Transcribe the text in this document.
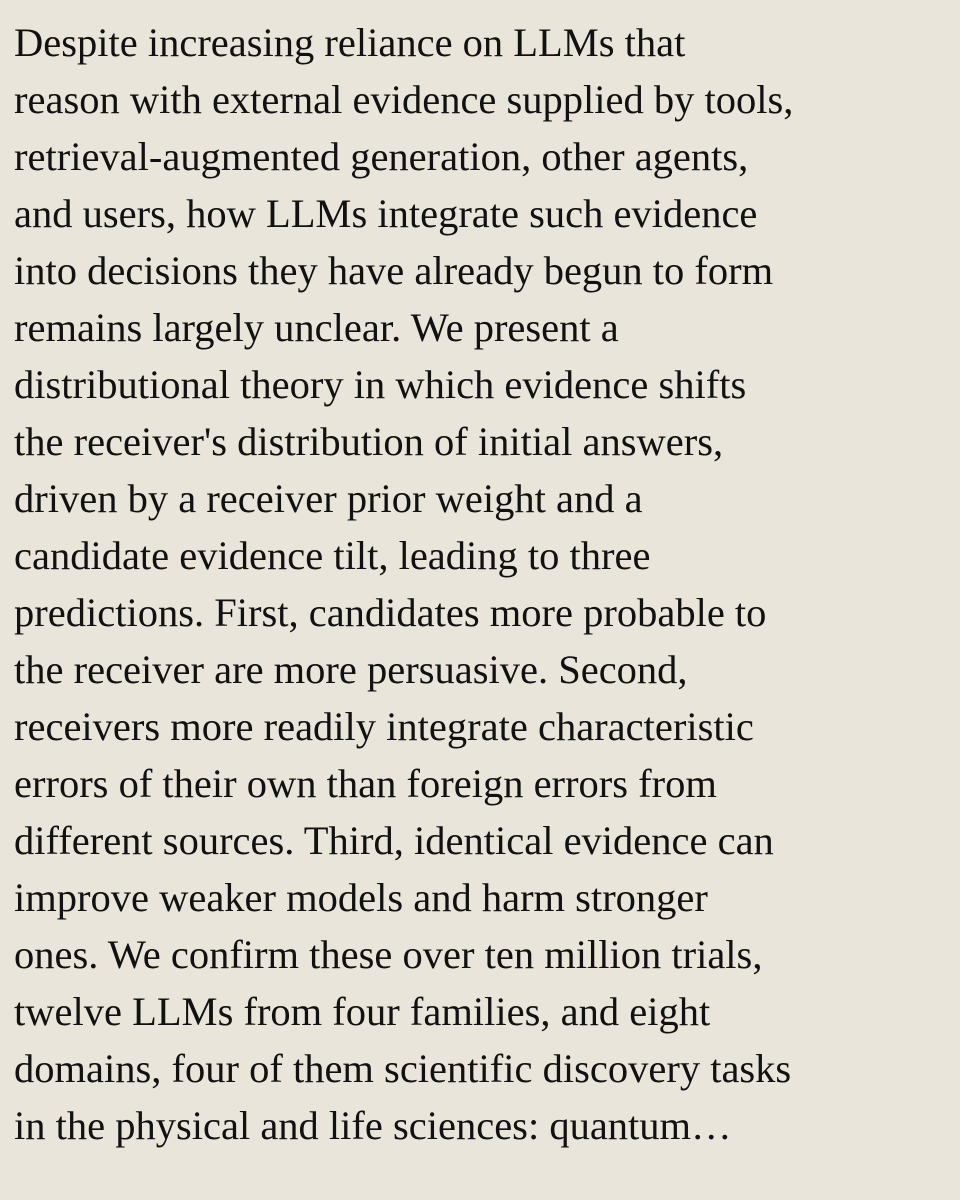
Despite increasing reliance on LLMs that
reason with external evidence supplied by tools,
retrieval-augmented generation, other agents,
and users, how LLMs integrate such evidence
into decisions they have already begun to form
remains largely unclear. We present a
distributional theory in which evidence shifts
the receiver's distribution of initial answers,
driven by a receiver prior weight and a
candidate evidence tilt, leading to three
predictions. First, candidates more probable to
the receiver are more persuasive. Second,
receivers more readily integrate characteristic
errors of their own than foreign errors from
different sources. Third, identical evidence can
improve weaker models and harm stronger
ones. We confirm these over ten million trials,
twelve LLMs from four families, and eight
domains, four of them scientific discovery tasks
in the physical and life sciences: quantum…
